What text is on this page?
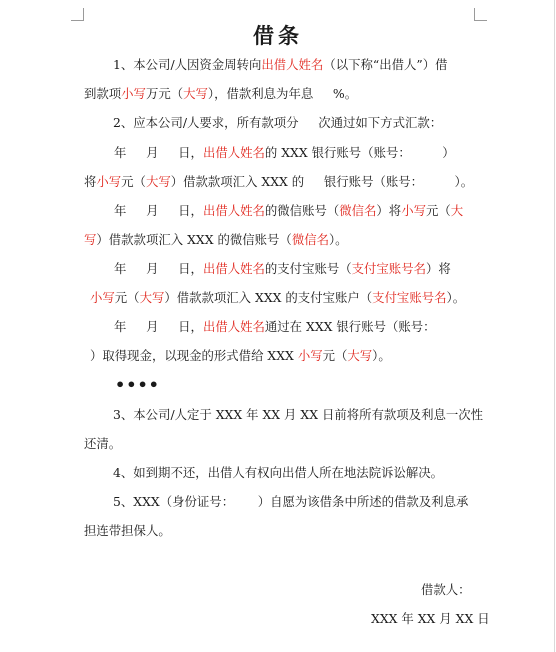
借条
1、本公司/人因资金周转向出借人姓名（以下称“出借人”）借
到款项小写万元（大写），借款利息为年息     %。
2、应本公司/人要求，所有款项分     次通过如下方式汇款：
年     月     日，出借人姓名的 XXX 银行账号（账号：        ）
将小写元（大写）借款款项汇入 XXX 的     银行账号（账号：        ）。
年     月     日，出借人姓名的微信账号（微信名）将小写元（大
写）借款款项汇入 XXX 的微信账号（微信名）。
年     月     日，出借人姓名的支付宝账号（支付宝账号名）将
小写元（大写）借款款项汇入 XXX 的支付宝账户（支付宝账号名）。
年     月     日，出借人姓名通过在 XXX 银行账号（账号：
）取得现金，以现金的形式借给 XXX 小写元（大写）。
••••
3、本公司/人定于 XXX 年 XX 月 XX 日前将所有款项及利息一次性
还清。
4、如到期不还，出借人有权向出借人所在地法院诉讼解决。
5、XXX（身份证号：      ）自愿为该借条中所述的借款及利息承
担连带担保人。
借款人：
XXX 年 XX 月 XX 日
